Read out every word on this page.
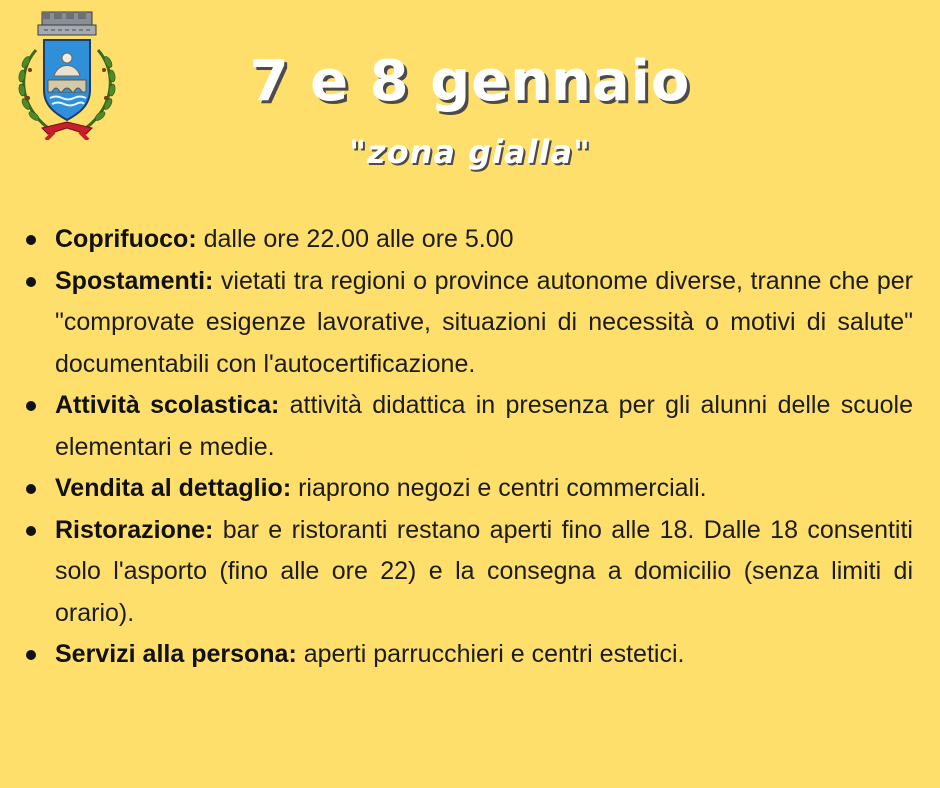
7 e 8 gennaio
"zona gialla"
Coprifuoco: dalle ore 22.00 alle ore 5.00
Spostamenti: vietati tra regioni o province autonome diverse, tranne che per "comprovate esigenze lavorative, situazioni di necessità o motivi di salute" documentabili con l'autocertificazione.
Attività scolastica: attività didattica in presenza per gli alunni delle scuole elementari e medie.
Vendita al dettaglio: riaprono negozi e centri commerciali.
Ristorazione: bar e ristoranti restano aperti fino alle 18. Dalle 18 consentiti solo l'asporto (fino alle ore 22) e la consegna a domicilio (senza limiti di orario).
Servizi alla persona: aperti parrucchieri e centri estetici.
